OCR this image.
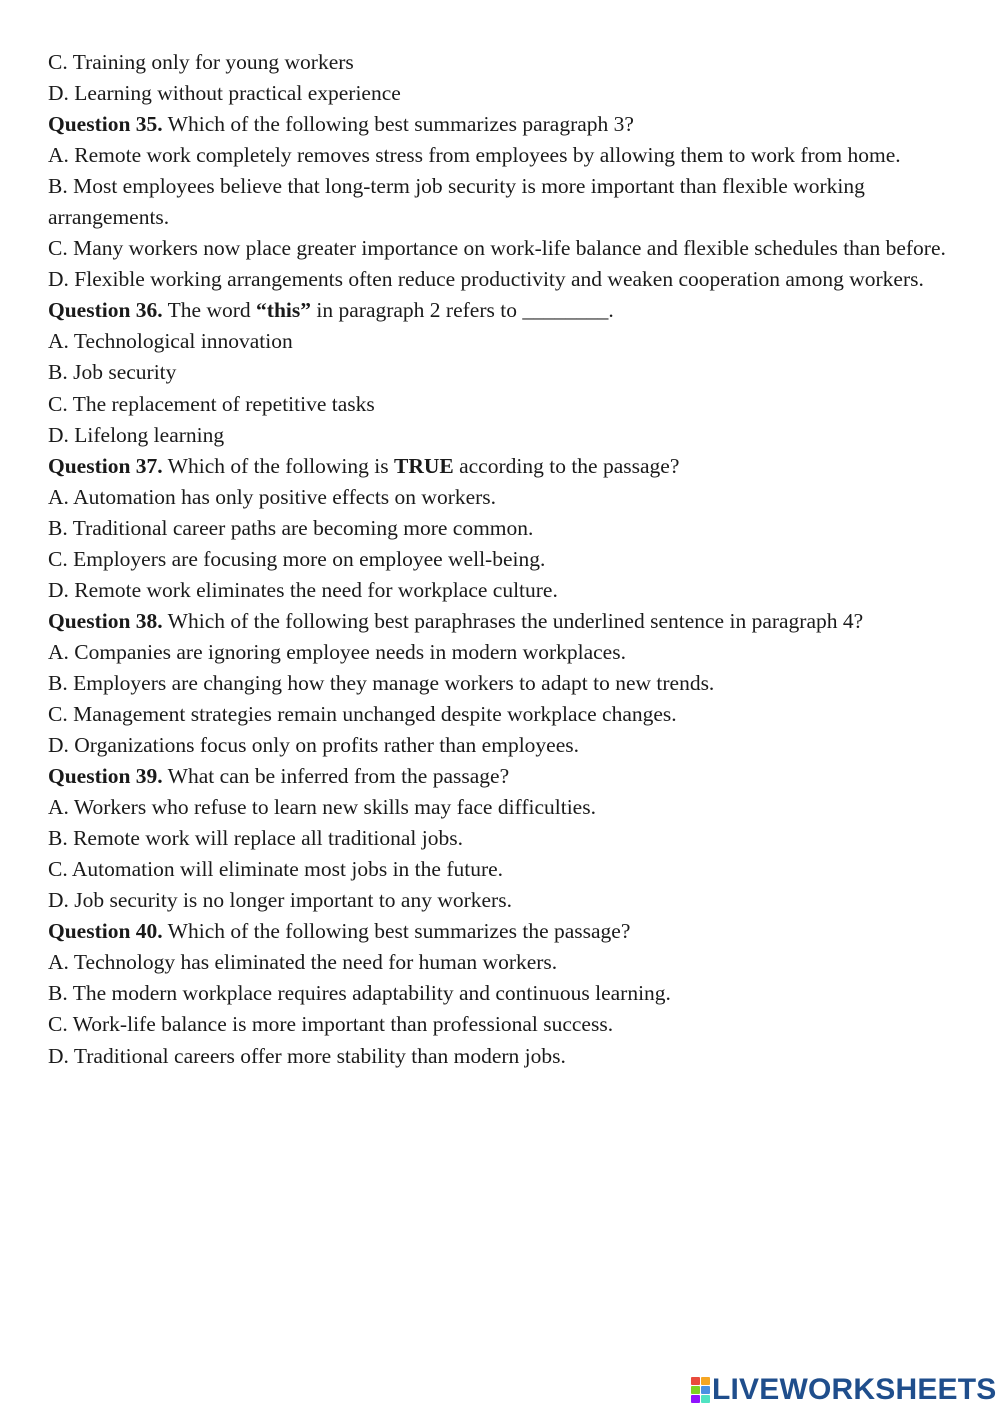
C. Training only for young workers
D. Learning without practical experience
Question 35. Which of the following best summarizes paragraph 3?
A. Remote work completely removes stress from employees by allowing them to work from home.
B. Most employees believe that long-term job security is more important than flexible working arrangements.
C. Many workers now place greater importance on work-life balance and flexible schedules than before.
D. Flexible working arrangements often reduce productivity and weaken cooperation among workers.
Question 36. The word “this” in paragraph 2 refers to ________.
A. Technological innovation
B. Job security
C. The replacement of repetitive tasks
D. Lifelong learning
Question 37. Which of the following is TRUE according to the passage?
A. Automation has only positive effects on workers.
B. Traditional career paths are becoming more common.
C. Employers are focusing more on employee well-being.
D. Remote work eliminates the need for workplace culture.
Question 38. Which of the following best paraphrases the underlined sentence in paragraph 4?
A. Companies are ignoring employee needs in modern workplaces.
B. Employers are changing how they manage workers to adapt to new trends.
C. Management strategies remain unchanged despite workplace changes.
D. Organizations focus only on profits rather than employees.
Question 39. What can be inferred from the passage?
A. Workers who refuse to learn new skills may face difficulties.
B. Remote work will replace all traditional jobs.
C. Automation will eliminate most jobs in the future.
D. Job security is no longer important to any workers.
Question 40. Which of the following best summarizes the passage?
A. Technology has eliminated the need for human workers.
B. The modern workplace requires adaptability and continuous learning.
C. Work-life balance is more important than professional success.
D. Traditional careers offer more stability than modern jobs.
LIVEWORKSHEETS
